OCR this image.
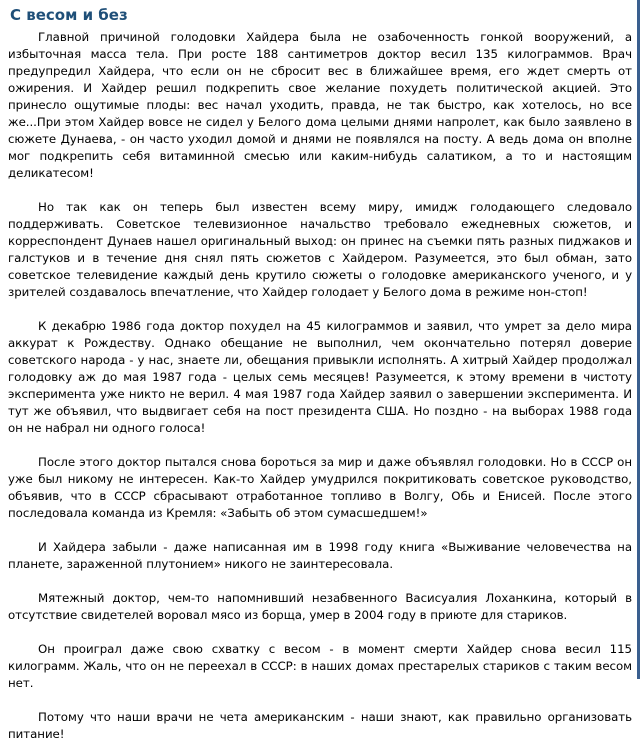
С весом и без

Главной причиной голодовки Хайдера была не озабоченность гонкой вооружений, а избыточная масса тела. При росте 188 сантиметров доктор весил 135 килограммов. Врач предупредил Хайдера, что если он не сбросит вес в ближайшее время, его ждет смерть от ожирения. И Хайдер решил подкрепить свое желание похудеть политической акцией. Это принесло ощутимые плоды: вес начал уходить, правда, не так быстро, как хотелось, но все же...При этом Хайдер вовсе не сидел у Белого дома целыми днями напролет, как было заявлено в сюжете Дунаева, - он часто уходил домой и днями не появлялся на посту. А ведь дома он вполне мог подкрепить себя витаминной смесью или каким-нибудь салатиком, а то и настоящим деликатесом!

Но так как он теперь был известен всему миру, имидж голодающего следовало поддерживать. Советское телевизионное начальство требовало ежедневных сюжетов, и корреспондент Дунаев нашел оригинальный выход: он принес на съемки пять разных пиджаков и галстуков и в течение дня снял пять сюжетов с Хайдером. Разумеется, это был обман, зато советское телевидение каждый день крутило сюжеты о голодовке американского ученого, и у зрителей создавалось впечатление, что Хайдер голодает у Белого дома в режиме нон-стоп!

К декабрю 1986 года доктор похудел на 45 килограммов и заявил, что умрет за дело мира аккурат к Рождеству. Однако обещание не выполнил, чем окончательно потерял доверие советского народа - у нас, знаете ли, обещания привыкли исполнять. А хитрый Хайдер продолжал голодовку аж до мая 1987 года - целых семь месяцев! Разумеется, к этому времени в чистоту эксперимента уже никто не верил. 4 мая 1987 года Хайдер заявил о завершении эксперимента. И тут же объявил, что выдвигает себя на пост президента США. Но поздно - на выборах 1988 года он не набрал ни одного голоса!

После этого доктор пытался снова бороться за мир и даже объявлял голодовки. Но в СССР он уже был никому не интересен. Как-то Хайдер умудрился покритиковать советское руководство, объявив, что в СССР сбрасывают отработанное топливо в Волгу, Обь и Енисей. После этого последовала команда из Кремля: «Забыть об этом сумасшедшем!»

И Хайдера забыли - даже написанная им в 1998 году книга «Выживание человечества на планете, зараженной плутонием» никого не заинтересовала.

Мятежный доктор, чем-то напомнивший незабвенного Васисуалия Лоханкина, который в отсутствие свидетелей воровал мясо из борща, умер в 2004 году в приюте для стариков.

Он проиграл даже свою схватку с весом - в момент смерти Хайдер снова весил 115 килограмм. Жаль, что он не переехал в СССР: в наших домах престарелых стариков с таким весом нет.

Потому что наши врачи не чета американским - наши знают, как правильно организовать питание!
